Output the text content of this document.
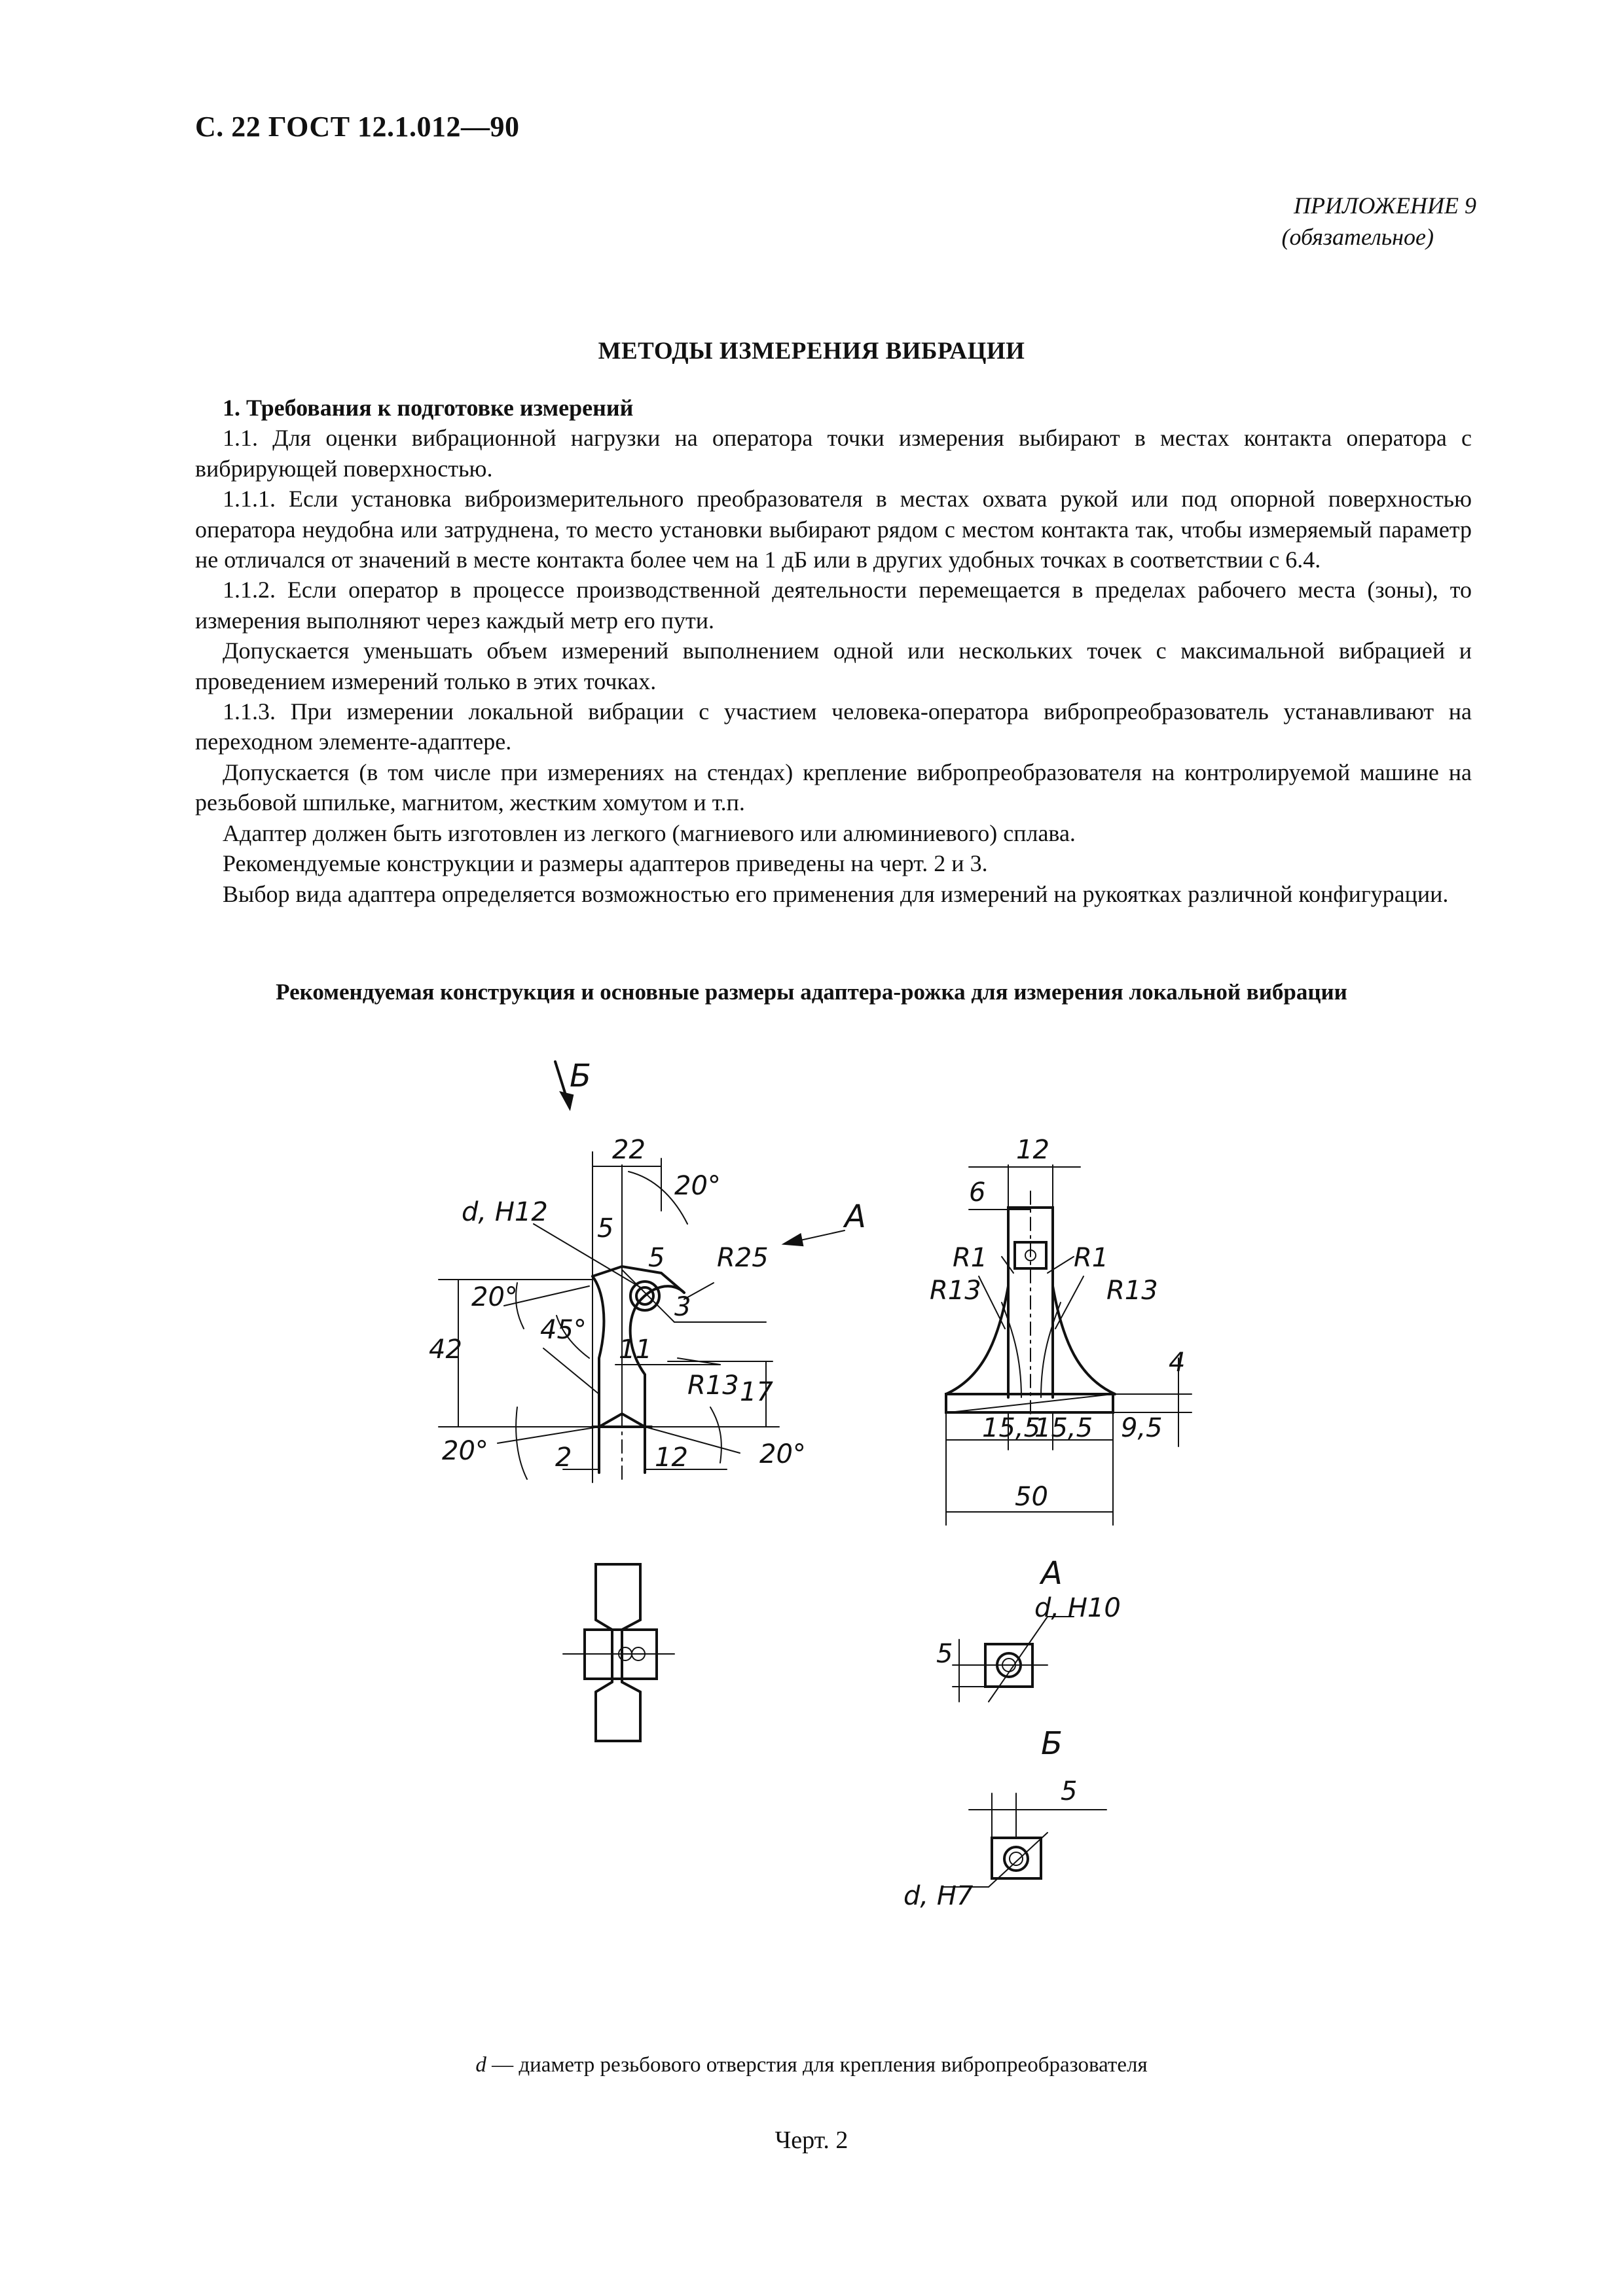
С. 22 ГОСТ 12.1.012—90
ПРИЛОЖЕНИЕ 9

(обязательное)
МЕТОДЫ ИЗМЕРЕНИЯ ВИБРАЦИИ

1. Требования к подготовке измерений

1.1. Для оценки вибрационной нагрузки на оператора точки измерения выбирают в местах контакта оператора с вибрирующей поверхностью.

1.1.1. Если установка виброизмерительного преобразователя в местах охвата рукой или под опорной поверхностью оператора неудобна или затруднена, то место установки выбирают рядом с местом контакта так, чтобы измеряемый параметр не отличался от значений в месте контакта более чем на 1 дБ или в других удобных точках в соответствии с 6.4.

1.1.2. Если оператор в процессе производственной деятельности перемещается в пределах рабочего места (зоны), то измерения выполняют через каждый метр его пути.

Допускается уменьшать объем измерений выполнением одной или нескольких точек с максимальной вибрацией и проведением измерений только в этих точках.

1.1.3. При измерении локальной вибрации с участием человека-оператора вибропреобразователь устанавливают на переходном элементе-адаптере.

Допускается (в том числе при измерениях на стендах) крепление вибропреобразователя на контролируемой машине на резьбовой шпильке, магнитом, жестким хомутом и т.п.

Адаптер должен быть изготовлен из легкого (магниевого или алюминиевого) сплава.

Рекомендуемые конструкции и размеры адаптеров приведены на черт. 2 и 3.

Выбор вида адаптера определяется возможностью его применения для измерений на рукоятках различной конфигурации.

Рекомендуемая конструкция и основные размеры адаптера-рожка для измерения локальной вибрации
Б
А
22
20°
d, H12
5
5 R25
20°
45°
3
42	11
R13 17
20°	20°
2	12
12
6
R1	R1
R13	R13
4
15,5
15,5 9,5
50
А
d, H10
5
Б
5
d, H7
d — диаметр резьбового отверстия для крепления вибропреобразователя
Черт. 2
